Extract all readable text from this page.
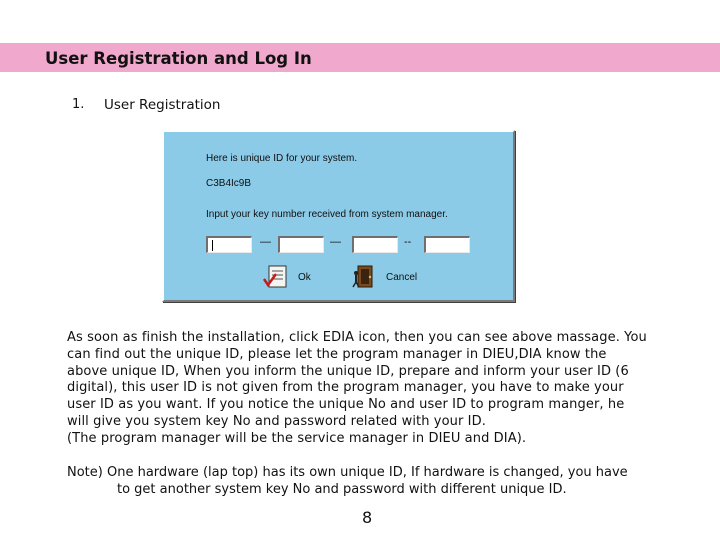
User Registration and Log In
1. User Registration
Here is unique ID for your system.
C3B4Ic9B
Input your key number received from system manager.
—	—	--
Ok	Cancel
As soon as finish the installation, click EDIA icon, then you can see above massage. You
can find out the unique ID, please let the program manager in DIEU,DIA know the
above unique ID, When you inform the unique ID, prepare and inform your user ID (6
digital), this user ID is not given from the program manager, you have to make your
user ID as you want. If you notice the unique No and user ID to program manger, he
will give you system key No and password related with your ID.
(The program manager will be the service manager in DIEU and DIA).
Note) One hardware (lap top) has its own unique ID, If hardware is changed, you have
to get another system key No and password with different unique ID.
8
